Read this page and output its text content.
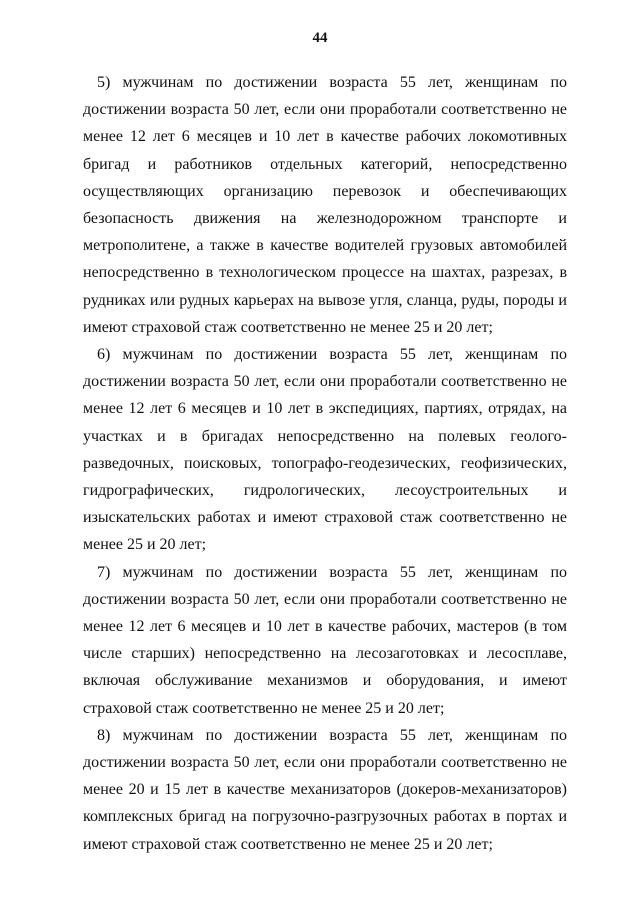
44

5) мужчинам по достижении возраста 55 лет, женщинам по достижении возраста 50 лет, если они проработали соответственно не менее 12 лет 6 месяцев и 10 лет в качестве рабочих локомотивных бригад и работников отдельных категорий, непосредственно осуществляющих организацию перевозок и обеспечивающих безопасность движения на железнодорожном транспорте и метрополитене, а также в качестве водителей грузовых автомобилей непосредственно в технологическом процессе на шахтах, разрезах, в рудниках или рудных карьерах на вывозе угля, сланца, руды, породы и имеют страховой стаж соответственно не менее 25 и 20 лет;

6) мужчинам по достижении возраста 55 лет, женщинам по достижении возраста 50 лет, если они проработали соответственно не менее 12 лет 6 месяцев и 10 лет в экспедициях, партиях, отрядах, на участках и в бригадах непосредственно на полевых геолого-разведочных, поисковых, топографо-геодезических, геофизических, гидрографических, гидрологических, лесоустроительных и изыскательских работах и имеют страховой стаж соответственно не менее 25 и 20 лет;

7) мужчинам по достижении возраста 55 лет, женщинам по достижении возраста 50 лет, если они проработали соответственно не менее 12 лет 6 месяцев и 10 лет в качестве рабочих, мастеров (в том числе старших) непосредственно на лесозаготовках и лесосплаве, включая обслуживание механизмов и оборудования, и имеют страховой стаж соответственно не менее 25 и 20 лет;

8) мужчинам по достижении возраста 55 лет, женщинам по достижении возраста 50 лет, если они проработали соответственно не менее 20 и 15 лет в качестве механизаторов (докеров-механизаторов) комплексных бригад на погрузочно-разгрузочных работах в портах и имеют страховой стаж соответственно не менее 25 и 20 лет;
